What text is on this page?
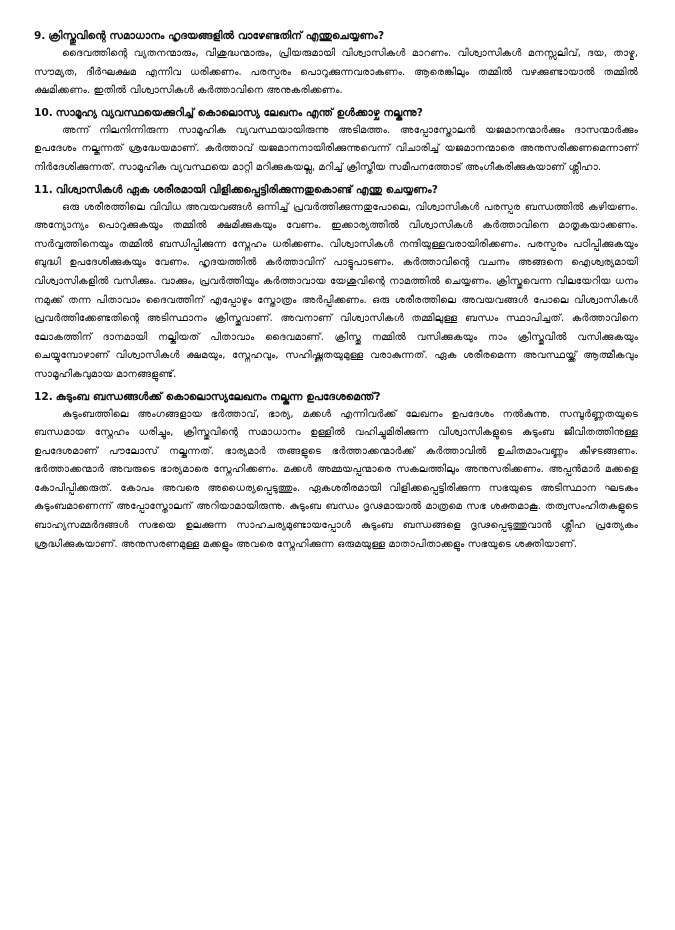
9. ക്രിസ്തുവിന്റെ സമാധാനം ഹൃദയങ്ങളിൽ വാഴേണ്ടതിന് എന്തുചെയ്യണം?

ദൈവത്തിന്റെ വ്യതനന്മാരും, വിശുദ്ധന്മാരും, പ്രിയരുമായി വിശ്വാസികൾ മാറണം. വിശ്വാസികൾ മനസ്സലിവ്, ദയ, താഴ്മ, സൗമ്യത, ദീർഘക്ഷമ എന്നിവ ധരിക്കണം. പരസ്പരം പൊറുക്കുന്നവരാകണം. ആരെങ്കിലും തമ്മിൽ വഴക്കുണ്ടായാൽ തമ്മിൽ ക്ഷമിക്കണം. ഇതിൽ വിശ്വാസികൾ കർത്താവിനെ അനുകരിക്കണം.

10. സാമൂഹ്യ വ്യവസ്ഥയെക്കുറിച്ച് കൊലൊസ്യ ലേഖനം എന്ത് ഉൾക്കാഴ്ച നല്കുന്നു?

അന്ന് നിലനിന്നിരുന്ന സാമൂഹിക വ്യവസ്ഥയായിരുന്നു അടിമത്തം. അപ്പോസ്തോലൻ യജമാനന്മാർക്കും ദാസന്മാർക്കും ഉപദേശം നല്കുന്നത് ശ്രദ്ധേയമാണ്. കർത്താവ് യജമാനനായിരിക്കുന്നുവെന്ന് വിചാരിച്ച് യജമാനന്മാരെ അനുസരിക്കണമെന്നാണ് നിർദേശിക്കുന്നത്. സാമൂഹിക വ്യവസ്ഥയെ മാറ്റി മറിക്കുകയല്ല, മറിച്ച് ക്രിസ്തീയ സമീപനത്തോട് അംഗീകരിക്കുകയാണ് ശ്ലീഹാ.

11. വിശ്വാസികൾ ഏക ശരീരമായി വിളിക്കപ്പെട്ടിരിക്കുന്നതുകൊണ്ട് എന്തു ചെയ്യണം?

ഒരു ശരീരത്തിലെ വിവിധ അവയവങ്ങൾ ഒന്നിച്ച് പ്രവർത്തിക്കുന്നതുപോലെ, വിശ്വാസികൾ പരസ്പര ബന്ധത്തിൽ കഴിയണം. അന്യോന്യം പൊറുക്കുകയും തമ്മിൽ ക്ഷമിക്കുകയും വേണം. ഇക്കാര്യത്തിൽ വിശ്വാസികൾ കർത്താവിനെ മാതൃകയാക്കണം. സർവ്വത്തിനെയും തമ്മിൽ ബന്ധിപ്പിക്കുന്ന സ്നേഹം ധരിക്കണം. വിശ്വാസികൾ നന്ദിയുള്ളവരായിരിക്കണം. പരസ്പരം പഠിപ്പിക്കുകയും ബുദ്ധി ഉപദേശിക്കുകയും വേണം. ഹൃദയത്തിൽ കർത്താവിന് പാട്ടുപാടണം. കർത്താവിന്റെ വചനം അങ്ങനെ ഐശ്വര്യമായി വിശ്വാസികളിൽ വസിക്കും. വാക്കും, പ്രവർത്തിയും കർത്താവായ യേശുവിന്റെ നാമത്തിൽ ചെയ്യണം. ക്രിസ്തുവെന്ന വിലയേറിയ ധനം നമുക്ക് തന്ന പിതാവാം ദൈവത്തിന് എപ്പോഴും സ്തോത്രം അർപ്പിക്കണം. ഒരു ശരീരത്തിലെ അവയവങ്ങൾ പോലെ വിശ്വാസികൾ പ്രവർത്തിക്കേണ്ടതിന്റെ അടിസ്ഥാനം ക്രിസ്തുവാണ്. അവനാണ് വിശ്വാസികൾ തമ്മിലുള്ള ബന്ധം സ്ഥാപിച്ചത്. കർത്താവിനെ ലോകത്തിന് ദാനമായി നല്കിയത് പിതാവാം ദൈവമാണ്. ക്രിസ്തു നമ്മിൽ വസിക്കുകയും നാം ക്രിസ്തുവിൽ വസിക്കുകയും ചെയ്യുമ്പോഴാണ് വിശ്വാസികൾ ക്ഷമയും, സ്നേഹവും, സഹിഷ്ണതയുമുള്ള വരാകുന്നത്. ഏക ശരീരമെന്ന അവസ്ഥയ്ക്ക് ആത്മീകവും സാമൂഹികവുമായ മാനങ്ങളുണ്ട്.

12. കുടുംബ ബന്ധങ്ങൾക്ക് കൊലൊസ്യലേഖനം നല്കുന്ന ഉപദേശമെന്ത്?

കുടുംബത്തിലെ അംഗങ്ങളായ ഭർത്താവ്, ഭാര്യ, മക്കൾ എന്നിവർക്ക് ലേഖനം ഉപദേശം നൽകുന്നു. സമ്പൂർണ്ണതയുടെ ബന്ധമായ സ്നേഹം ധരിച്ചും, ക്രിസ്തുവിന്റെ സമാധാനം ഉള്ളിൽ വഹിച്ചുമിരിക്കുന്ന വിശ്വാസികളുടെ കുടുംബ ജീവിതത്തിനുള്ള ഉപദേശമാണ് പൗലോസ് നല്കുന്നത്. ഭാര്യമാർ തങ്ങളുടെ ഭർത്താക്കന്മാർക്ക് കർത്താവിൽ ഉചിതമാംവണ്ണം കീഴടങ്ങണം. ഭർത്താക്കന്മാർ അവരുടെ ഭാര്യമാരെ സ്നേഹിക്കണം. മക്കൾ അമ്മയപ്പന്മാരെ സകലത്തിലും അനുസരിക്കണം. അപ്പൻമാർ മക്കളെ കോപിപ്പിക്കരുത്. കോപം അവരെ അധൈര്യപ്പെടുത്തും. ഏകശരീരമായി വിളിക്കപ്പെട്ടിരിക്കുന്ന സഭയുടെ അടിസ്ഥാന ഘടകം കുടുംബമാണെന്ന് അപ്പോസ്തോലന് അറിയാമായിരുന്നു. കുടുംബ ബന്ധം ദൃഢമായാൽ മാത്രമെ സഭ ശക്തമാകൂ. തത്വസംഹിതകളുടെ ബാഹ്യസമ്മർദങ്ങൾ സഭയെ ഉലക്കുന്ന സാഹചര്യമുണ്ടായപ്പോൾ കുടുംബ ബന്ധങ്ങളെ ദൃഢപ്പെടുത്തുവാൻ ശ്ലീഹ പ്രത്യേകം ശ്രദ്ധിക്കുകയാണ്. അനുസരണമുള്ള മക്കളും അവരെ സ്നേഹിക്കുന്ന ഒരുമയുള്ള മാതാപിതാക്കളും സഭയുടെ ശക്തിയാണ്.
